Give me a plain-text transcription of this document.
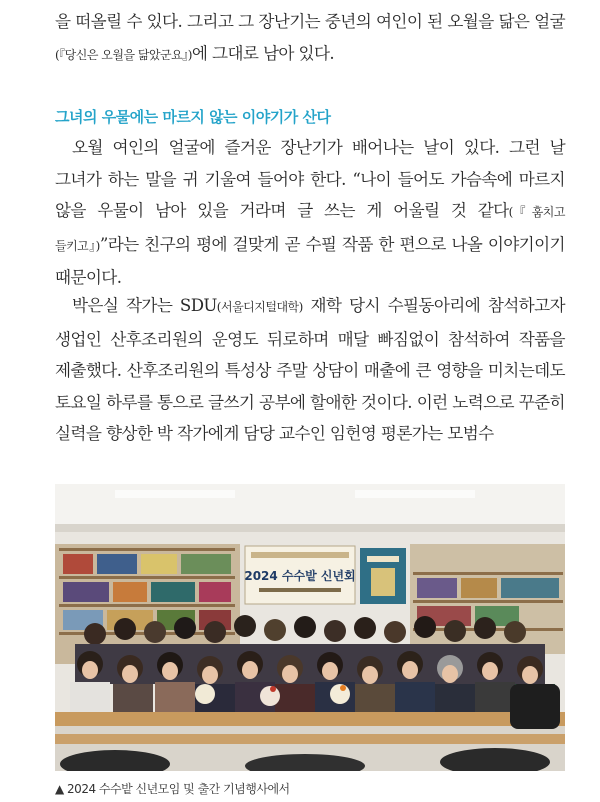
을 떠올릴 수 있다. 그리고 그 장난기는 중년의 여인이 된 오월을 닮은 얼굴(『당신은 오월을 닮았군요』)에 그대로 남아 있다.

그녀의 우물에는 마르지 않는 이야기가 산다

오월 여인의 얼굴에 즐거운 장난기가 배어나는 날이 있다. 그런 날 그녀가 하는 말을 귀 기울여 들어야 한다. “나이 들어도 가슴속에 마르지 않을 우물이 남아 있을 거라며 글 쓰는 게 어울릴 것 같다(『훔치고 들키고』)”라는 친구의 평에 걸맞게 곧 수필 작품 한 편으로 나올 이야기이기 때문이다.

박은실 작가는 SDU(서울디지털대학) 재학 당시 수필동아리에 참석하고자 생업인 산후조리원의 운영도 뒤로하며 매달 빠짐없이 참석하여 작품을 제출했다. 산후조리원의 특성상 주말 상담이 매출에 큰 영향을 미치는데도 토요일 하루를 통으로 글쓰기 공부에 할애한 것이다. 이런 노력으로 꾸준히 실력을 향상한 박 작가에게 담당 교수인 임헌영 평론가는 모범수

2024 수수밭 신년회
▲ 2024 수수밭 신년모임 및 출간 기념행사에서
